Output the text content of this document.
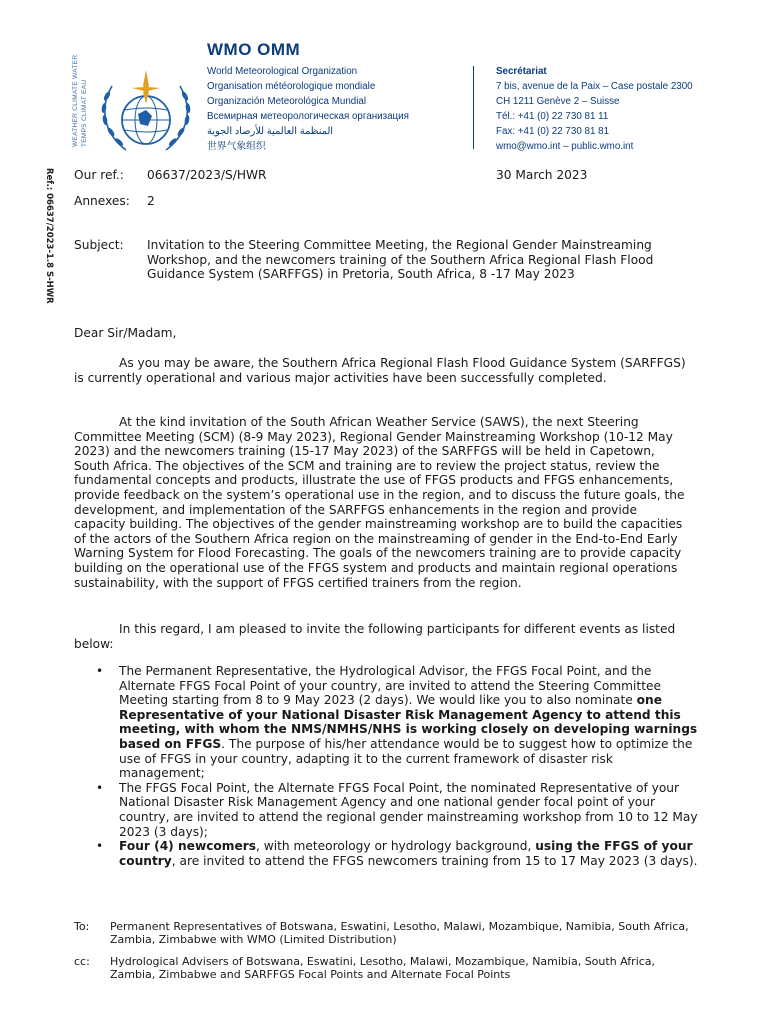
Ref.: 06637/2023-1.8 S-HWR
WEATHER CLIMATE WATER TEMPS CLIMAT EAU
WMO OMM
World Meteorological Organization
Organisation météorologique mondiale
Organización Meteorológica Mundial
Всемирная метеорологическая организация
المنظمة العالمية للأرصاد الجوية
世界气象组织
Secrétariat
7 bis, avenue de la Paix – Case postale 2300
CH 1211 Genève 2 – Suisse
Tél.: +41 (0) 22 730 81 11
Fax: +41 (0) 22 730 81 81
wmo@wmo.int – public.wmo.int
Our ref.: 06637/2023/S/HWR	30 March 2023
Annexes: 2
Subject: Invitation to the Steering Committee Meeting, the Regional Gender Mainstreaming
Workshop, and the newcomers training of the Southern Africa Regional Flash Flood
Guidance System (SARFFGS) in Pretoria, South Africa, 8 -17 May 2023
Dear Sir/Madam,

As you may be aware, the Southern Africa Regional Flash Flood Guidance System (SARFFGS) is currently operational and various major activities have been successfully completed.

At the kind invitation of the South African Weather Service (SAWS), the next Steering Committee Meeting (SCM) (8-9 May 2023), Regional Gender Mainstreaming Workshop (10-12 May 2023) and the newcomers training (15-17 May 2023) of the SARFFGS will be held in Capetown, South Africa. The objectives of the SCM and training are to review the project status, review the fundamental concepts and products, illustrate the use of FFGS products and FFGS enhancements, provide feedback on the system’s operational use in the region, and to discuss the future goals, the development, and implementation of the SARFFGS enhancements in the region and provide capacity building. The objectives of the gender mainstreaming workshop are to build the capacities of the actors of the Southern Africa region on the mainstreaming of gender in the End-to-End Early Warning System for Flood Forecasting. The goals of the newcomers training are to provide capacity building on the operational use of the FFGS system and products and maintain regional operations sustainability, with the support of FFGS certified trainers from the region.

In this regard, I am pleased to invite the following participants for different events as listed below:

• The Permanent Representative, the Hydrological Advisor, the FFGS Focal Point, and the Alternate FFGS Focal Point of your country, are invited to attend the Steering Committee Meeting starting from 8 to 9 May 2023 (2 days). We would like you to also nominate one Representative of your National Disaster Risk Management Agency to attend this meeting, with whom the NMS/NMHS/NHS is working closely on developing warnings based on FFGS. The purpose of his/her attendance would be to suggest how to optimize the use of FFGS in your country, adapting it to the current framework of disaster risk management;
• The FFGS Focal Point, the Alternate FFGS Focal Point, the nominated Representative of your National Disaster Risk Management Agency and one national gender focal point of your country, are invited to attend the regional gender mainstreaming workshop from 10 to 12 May 2023 (3 days);
• Four (4) newcomers, with meteorology or hydrology background, using the FFGS of your country, are invited to attend the FFGS newcomers training from 15 to 17 May 2023 (3 days).
To: Permanent Representatives of Botswana, Eswatini, Lesotho, Malawi, Mozambique, Namibia, South Africa, Zambia, Zimbabwe with WMO (Limited Distribution)
cc: Hydrological Advisers of Botswana, Eswatini, Lesotho, Malawi, Mozambique, Namibia, South Africa, Zambia, Zimbabwe and SARFFGS Focal Points and Alternate Focal Points
